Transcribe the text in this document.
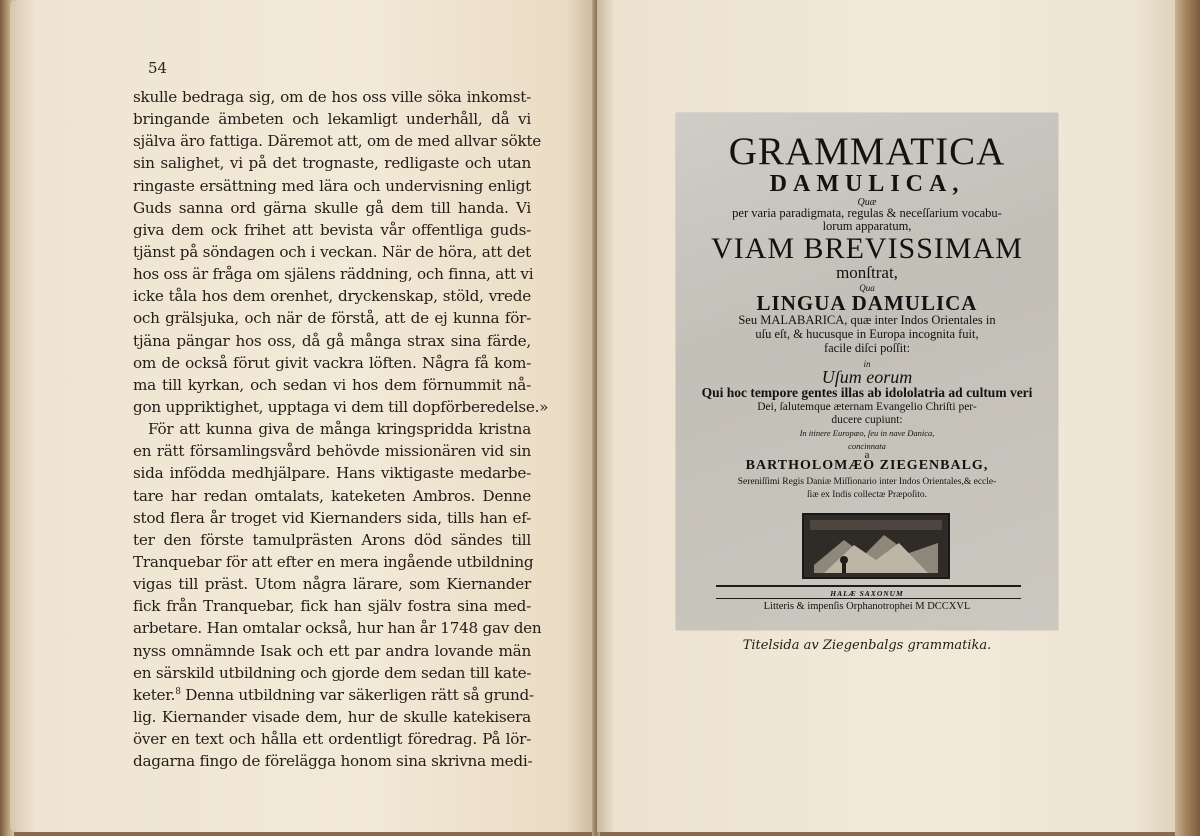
54
skulle bedraga sig, om de hos oss ville söka inkomst-
bringande ämbeten och lekamligt underhåll, då vi
själva äro fattiga. Däremot att, om de med allvar sökte
sin salighet, vi på det trognaste, redligaste och utan
ringaste ersättning med lära och undervisning enligt
Guds sanna ord gärna skulle gå dem till handa. Vi
giva dem ock frihet att bevista vår offentliga guds-
tjänst på söndagen och i veckan. När de höra, att det
hos oss är fråga om själens räddning, och finna, att vi
icke tåla hos dem orenhet, dryckenskap, stöld, vrede
och grälsjuka, och när de förstå, att de ej kunna för-
tjäna pängar hos oss, då gå många strax sina färde,
om de också förut givit vackra löften. Några få kom-
ma till kyrkan, och sedan vi hos dem förnummit nå-
gon uppriktighet, upptaga vi dem till dopförberedelse.»
För att kunna giva de många kringspridda kristna
en rätt församlingsvård behövde missionären vid sin
sida infödda medhjälpare. Hans viktigaste medarbe-
tare har redan omtalats, kateketen Ambros. Denne
stod flera år troget vid Kiernanders sida, tills han ef-
ter den förste tamulprästen Arons död sändes till
Tranquebar för att efter en mera ingående utbildning
vigas till präst. Utom några lärare, som Kiernander
fick från Tranquebar, fick han själv fostra sina med-
arbetare. Han omtalar också, hur han år 1748 gav den
nyss omnämnde Isak och ett par andra lovande män
en särskild utbildning och gjorde dem sedan till kate-
keter.$^8$ Denna utbildning var säkerligen rätt så grund-
lig. Kiernander visade dem, hur de skulle katekisera
över en text och hålla ett ordentligt föredrag. På lör-
dagarna fingo de förelägga honom sina skrivna medi-
GRAMMATICA
DAMULICA,
Quæ
per varia paradigmata, regulas & neceſſarium vocabu-
lorum apparatum,
VIAM BREVISSIMAM
monſtrat,
Qua
LINGUA DAMULICA
Seu MALABARICA, quæ inter Indos Orientales in
uſu eſt, & hucusque in Europa incognita fuit,
facile diſci poſſit:
in
Uſum eorum
Qui hoc tempore gentes illas ab idololatria ad cultum veri
Dei, ſalutemque æternam Evangelio Chriſti per-
ducere cupiunt:
In itinere Europæo, ſeu in nave Danica,
concinnata
a
BARTHOLOMÆO ZIEGENBALG,
Sereniſſimi Regis Daniæ Miſſionario inter Indos Orientales,& eccle-
ſiæ ex Indis collectæ Præpoſito.
HALÆ SAXONUM
Litteris & impenſis Orphanotrophei M DCCXVL
Titelsida av Ziegenbalgs grammatika.
